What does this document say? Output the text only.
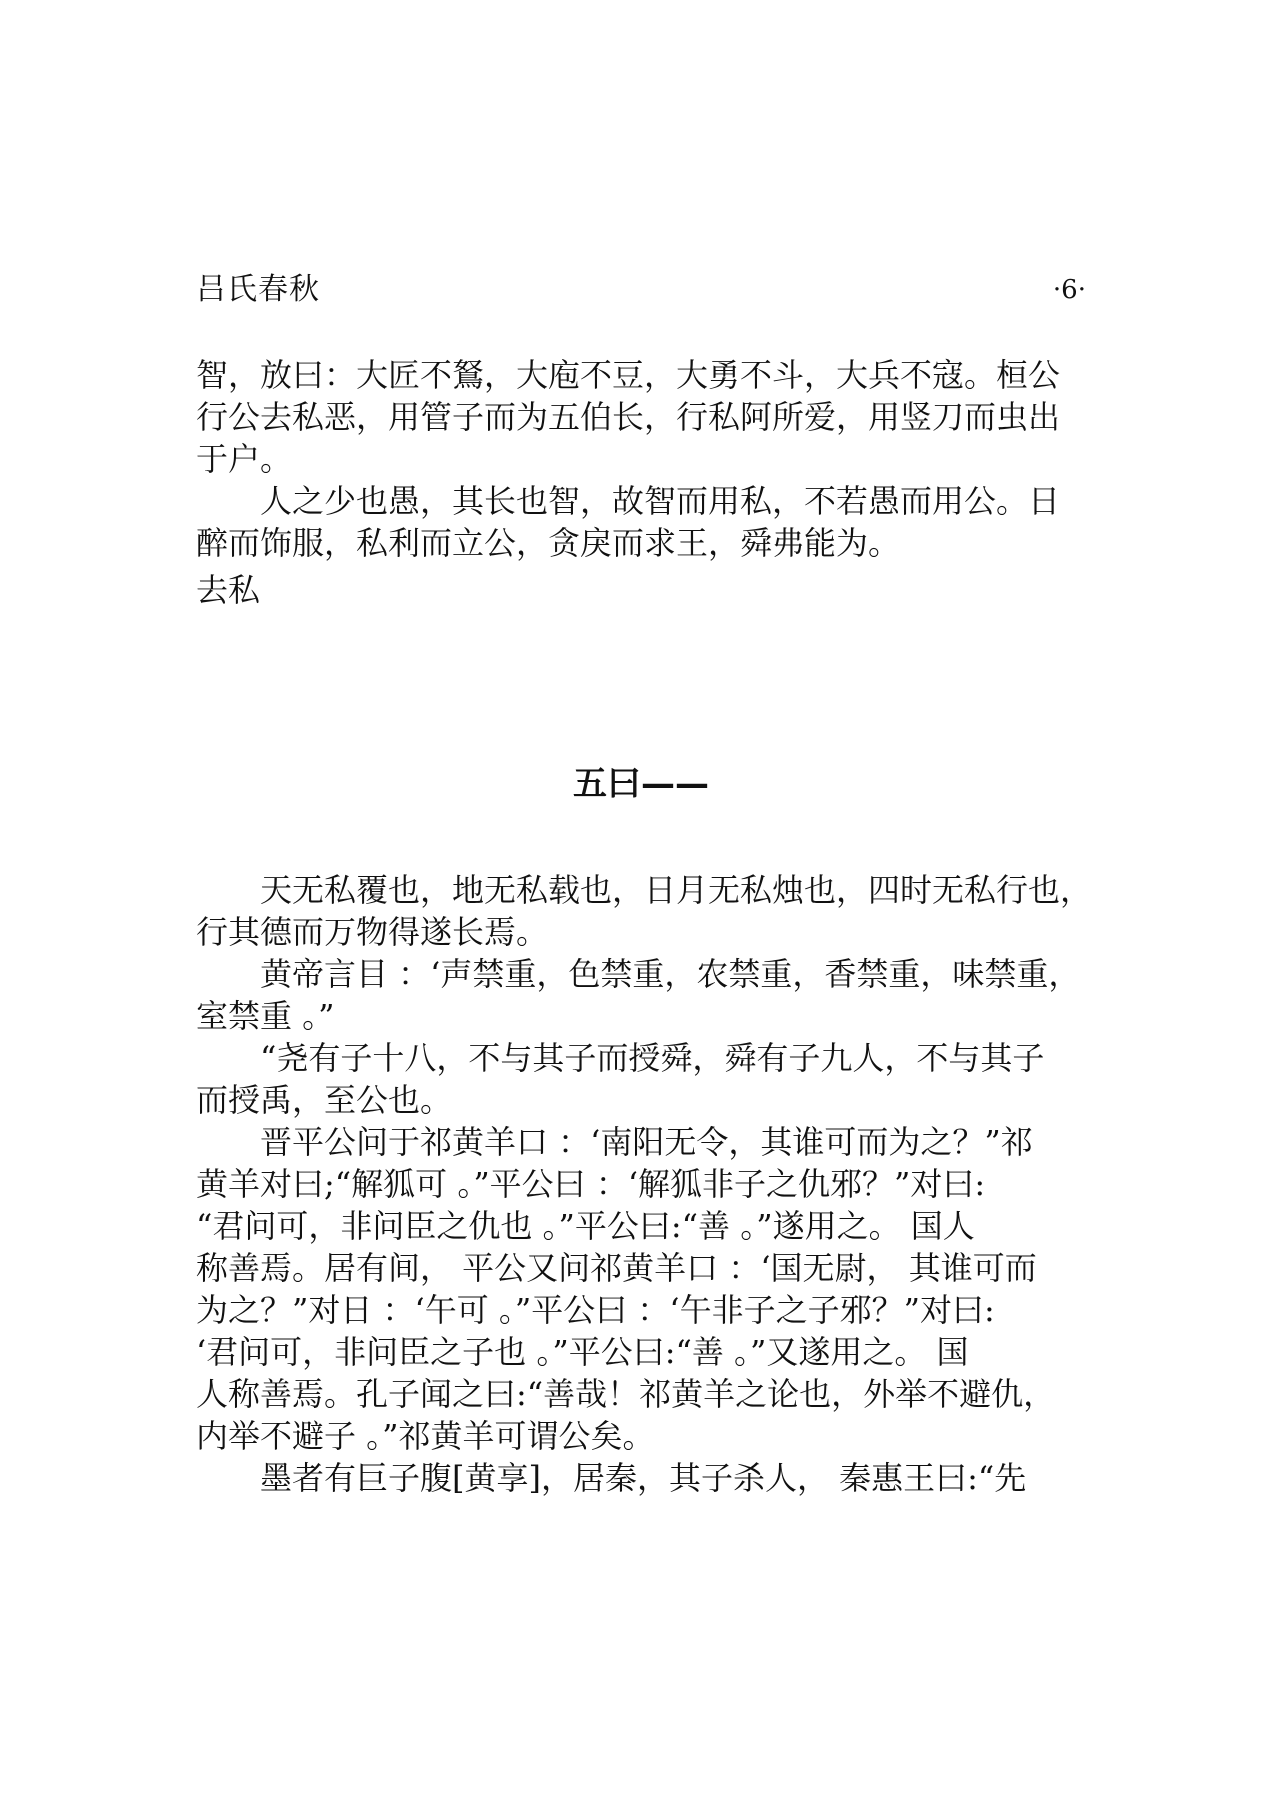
吕氏春秋	·6·

智，放曰：大匠不鴑，大庖不豆，大勇不斗，大兵不寇。桓公
行公去私恶，用管子而为五伯长，行私阿所爱，用竖刀而虫出
于户。

人之少也愚，其长也智，故智而用私，不若愚而用公。日
醉而饰服，私利而立公，贪戾而求王，舜弗能为。

去私
五曰——

天无私覆也，地无私载也，日月无私烛也，四时无私行也，
行其德而万物得遂长焉。

黄帝言目 ：‘声禁重，色禁重，农禁重，香禁重，味禁重，
室禁重 。”

“尧有子十八，不与其子而授舜，舜有子九人，不与其子
而授禹，至公也。

晋平公问于祁黄羊口 ：‘南阳无令，其谁可而为之？”祁
黄羊对曰;“解狐可 。”平公曰 ：‘解狐非子之仇邪？”对曰:
“君问可，非问臣之仇也 。”平公曰:“善 。”遂用之。 国人
称善焉。居有间， 平公又问祁黄羊口 ：‘国无尉， 其谁可而
为之？”对日 ：‘午可 。”平公曰 ：‘午非子之子邪？”对曰:
‘君问可，非问臣之子也 。”平公曰:“善 。”又遂用之。 国
人称善焉。孔子闻之曰:“善哉！祁黄羊之论也，外举不避仇，
内举不避子 。”祁黄羊可谓公矣。

墨者有巨子腹[黄享]，居秦，其子杀人， 秦惠王曰:“先
